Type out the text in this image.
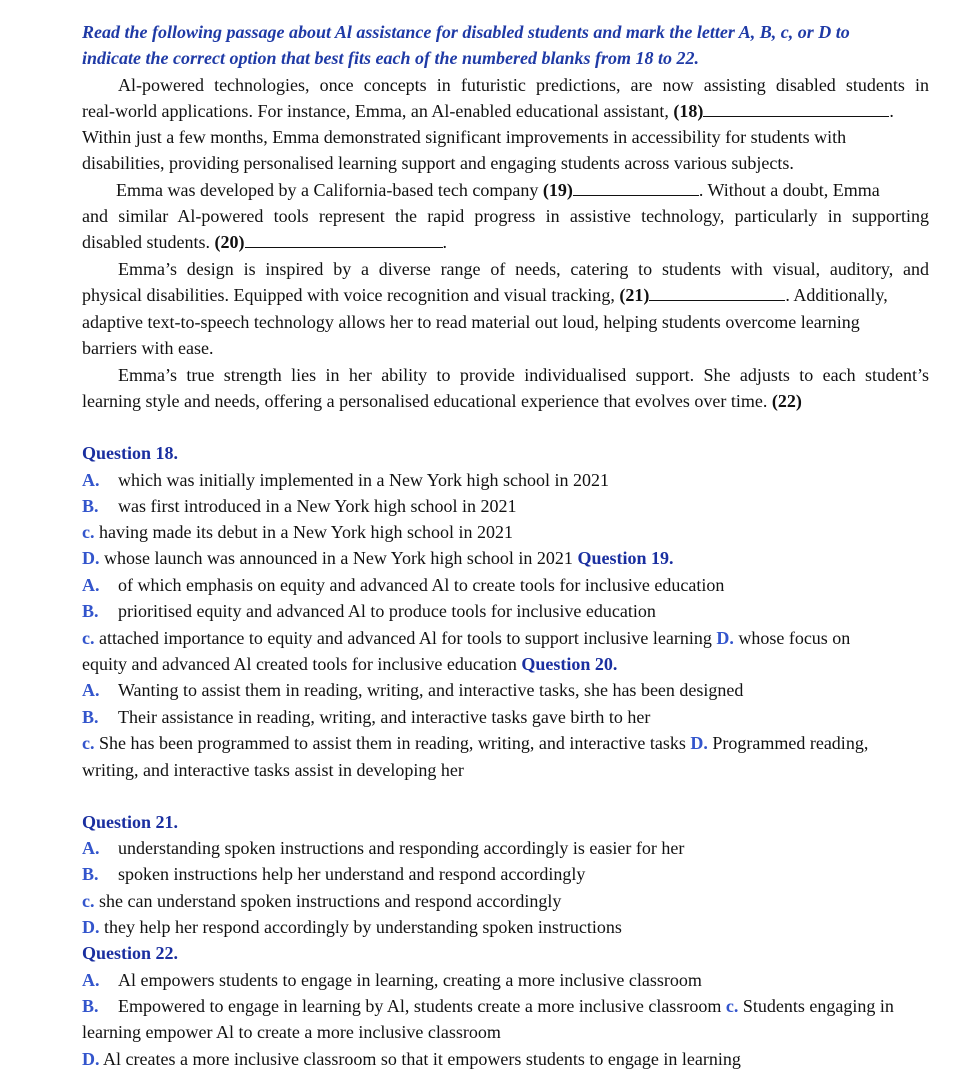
Read the following passage about Al assistance for disabled students and mark the letter A, B, c, or D to
indicate the correct option that best fits each of the numbered blanks from 18 to 22.
Al-powered technologies, once concepts in futuristic predictions, are now assisting disabled students in
real-world applications. For instance, Emma, an Al-enabled educational assistant, (18)	.
Within just a few months, Emma demonstrated significant improvements in accessibility for students with
disabilities, providing personalised learning support and engaging students across various subjects.
Emma was developed by a California-based tech company (19)	. Without a doubt, Emma
and similar Al-powered tools represent the rapid progress in assistive technology, particularly in supporting
disabled students. (20)	.
Emma’s design is inspired by a diverse range of needs, catering to students with visual, auditory, and
physical disabilities. Equipped with voice recognition and visual tracking, (21)	. Additionally,
adaptive text-to-speech technology allows her to read material out loud, helping students overcome learning
barriers with ease.
Emma’s true strength lies in her ability to provide individualised support. She adjusts to each student’s
learning style and needs, offering a personalised educational experience that evolves over time. (22)
Question 18.
A. which was initially implemented in a New York high school in 2021
B. was first introduced in a New York high school in 2021
c. having made its debut in a New York high school in 2021
D. whose launch was announced in a New York high school in 2021 Question 19.
A. of which emphasis on equity and advanced Al to create tools for inclusive education
B. prioritised equity and advanced Al to produce tools for inclusive education
c. attached importance to equity and advanced Al for tools to support inclusive learning D. whose focus on
equity and advanced Al created tools for inclusive education Question 20.
A. Wanting to assist them in reading, writing, and interactive tasks, she has been designed
B. Their assistance in reading, writing, and interactive tasks gave birth to her
c. She has been programmed to assist them in reading, writing, and interactive tasks D. Programmed reading,
writing, and interactive tasks assist in developing her
Question 21.
A. understanding spoken instructions and responding accordingly is easier for her
B. spoken instructions help her understand and respond accordingly
c. she can understand spoken instructions and respond accordingly
D. they help her respond accordingly by understanding spoken instructions
Question 22.
A. Al empowers students to engage in learning, creating a more inclusive classroom
B. Empowered to engage in learning by Al, students create a more inclusive classroom c. Students engaging in
learning empower Al to create a more inclusive classroom
D. Al creates a more inclusive classroom so that it empowers students to engage in learning
